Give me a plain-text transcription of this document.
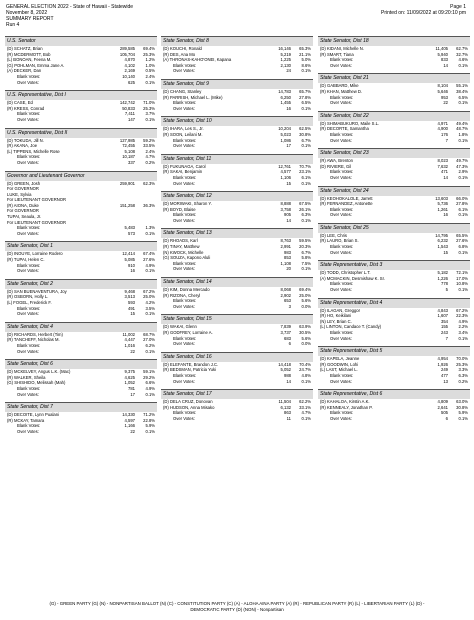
GENERAL ELECTION 2022 - State of Hawaii - Statewide
November 8, 2022
SUMMARY REPORT
Run 4
Page 1
Printed on: 11/09/2022 at 09:20:10 pm
U.S. Senator
(D) SCHATZ, Brian	289,585	69.4%
(R) MCDERMOTT, Bob	105,704	25.3%
(L) BONOAN, Feena M.	4,870	1.2%
(G) POHLMAN, Emma Jane A.	4,102	1.0%
(A) DECKER, Dan	2,169	0.5%
Blank Votes:	10,140	2.4%
Over Votes:	625	0.1%
U.S. Representative, Dist I
(D) CASE, Ed	142,742	71.0%
(R) KRESS, Conrad	50,833	25.3%
Blank Votes:	7,411	3.7%
Over Votes:	147	0.1%
U.S. Representative, Dist II
(D) TOKUDA, Jill N.	127,985	59.2%
(R) AKANA, Joe	72,455	33.5%
(L) TIPPENS, Michelle Rose	5,108	2.4%
Blank Votes:	10,187	4.7%
Over Votes:	337	0.2%
Governor and Lieutenant Governor
(D) GREEN, Josh	259,901	62.3%
For GOVERNOR
LUKE, Sylvia
For LIEUTENANT GOVERNOR
(R) AIONA, Duke	151,258	36.3%
For GOVERNOR
TUPAI, Seaula, Jr.
For LIEUTENANT GOVERNOR
Blank Votes:	5,483	1.3%
Over Votes:	573	0.1%
State Senator, Dist 1
(D) INOUYE, Lorraine Rodero	12,414	67.4%
(R) TUPAI, Helen C.	5,085	27.6%
Blank Votes:	910	4.9%
Over Votes:	16	0.1%
State Senator, Dist 2
(D) SAN BUENAVENTURA, Joy	9,468	67.2%
(R) OSBORN, Holly L.	3,513	25.0%
(L) FOGEL, Frederick F.	593	4.2%
Blank Votes:	491	3.5%
Over Votes:	15	0.1%
State Senator, Dist 4
(D) RICHARDS, Herbert (Tim)	11,002	68.7%
(R) TANCHEFF, Nicholas M.	4,447	27.0%
Blank Votes:	1,016	6.2%
Over Votes:	22	0.1%
State Senator, Dist 6
(D) MCKELVEY, Angus L.K. (Mac)	9,375	59.1%
(R) WALKER, Sheila	4,625	29.2%
(G) SHISHIDO, Melissah (Mah)	1,052	6.6%
Blank Votes:	781	4.9%
Over Votes:	17	0.1%
State Senator, Dist 7
(D) DECOITE, Lynn Pualani	14,330	71.2%
(R) MCKAY, Tamara	4,597	22.8%
Blank Votes:	1,166	5.9%
Over Votes:	22	0.1%
State Senator, Dist 8
(D) KOUCHI, Ronald	16,146	65.3%
(R) DES, Ana Mo	5,219	21.1%
(A) THRONAS-KAHO'ONEI, Kapana	1,225	5.0%
Blank Votes:	2,130	8.6%
Over Votes:	24	0.1%
State Senator, Dist 9
(D) CHANG, Stanley	14,783	65.7%
(R) PARRISH, Michael L. (Mike)	6,250	27.8%
Blank Votes:	1,455	6.5%
Over Votes:	16	0.1%
State Senator, Dist 10
(D) IHARA, Les S., Jr.	10,204	62.5%
(R) SOON, Leilani M.	5,023	30.8%
Blank Votes:	1,086	6.7%
Over Votes:	17	0.1%
State Senator, Dist 11
(D) FUKUNAGA, Carol	12,761	70.7%
(R) SAKAI, Benjamin	4,577	23.1%
Blank Votes:	1,106	6.1%
Over Votes:	15	0.1%
State Senator, Dist 12
(D) MORIWAKI, Sharon Y.	8,888	67.5%
(R) BOYD, Blaise	3,758	26.1%
Blank Votes:	905	6.3%
Over Votes:	14	0.1%
State Senator, Dist 13
(D) RHOADS, Karl	8,763	59.5%
(R) TINAY, Matthew	2,991	20.3%
(N) KWOCK, Michelle	983	6.7%
(G) SOUZA, Kapono Aluli	853	5.8%
Blank Votes:	1,108	7.5%
Over Votes:	20	0.1%
State Senator, Dist 14
(D) KIM, Donna Mercado	8,068	69.4%
(R) RIZONA, Cheryl	2,902	25.0%
Blank Votes:	653	5.6%
Over Votes:	3	0.0%
State Senator, Dist 15
(D) WAKAI, Glenn	7,839	63.9%
(R) GODFREY, Lorraine A.	3,737	30.5%
Blank Votes:	683	5.6%
Over Votes:	6	0.0%
State Senator, Dist 16
(D) ELEFANTE, Brandon J.C.	14,418	70.4%
(R) BEDSMAN, Patricia Yuki	5,052	24.7%
Blank Votes:	988	4.8%
Over Votes:	14	0.1%
State Senator, Dist 17
(D) DELA CRUZ, Donovan	11,504	62.2%
(R) HUDSON, Anna Misako	6,132	33.1%
Blank Votes:	863	4.7%
Over Votes:	11	0.1%
State Senator, Dist 18
(D) KIDANI, Michelle N.	11,405	62.7%
(R) SMART, Tiana	5,940	32.7%
Blank Votes:	833	4.6%
Over Votes:	14	0.1%
State Senator, Dist 21
(D) GABBARD, Mike	8,104	55.1%
(R) KHAN, Matthew D.	5,646	38.4%
Blank Votes:	953	6.5%
Over Votes:	22	0.1%
State Senator, Dist 22
(D) SHIMABUKURO, Maile S.L.	4,971	49.4%
(R) DECORTE, Samantha	4,900	48.7%
Blank Votes:	176	1.8%
Over Votes:	7	0.1%
State Senator, Dist 23
(R) AWA, Brenton	8,023	49.7%
(D) RIVIERE, Gil	7,632	47.3%
Blank Votes:	471	2.9%
Over Votes:	14	0.1%
State Senator, Dist 24
(D) KEOHOKALOLE, Jarrett	13,603	66.0%
(R) FERNANDEZ, Antonette	5,736	27.8%
Blank Votes:	1,261	6.1%
Over Votes:	16	0.1%
State Senator, Dist 25
(D) LEE, Chris	14,795	65.5%
(R) LAURO, Brian S.	6,232	27.6%
Blank Votes:	1,543	6.8%
Over Votes:	15	0.1%
State Representative, Dist 3
(D) TODD, Christopher L.T.	5,182	72.1%
(A) MCMACKIN, Desmishaw K. Sr.	1,226	17.0%
Blank Votes:	778	10.8%
Over Votes:	5	0.1%
State Representative, Dist 4
(D) ILAGAN, Greggor	4,843	67.2%
(R) HO, Keikilani	1,607	22.3%
(N) LEY, Brian C.	354	4.9%
(L) LINTON, Candace T. (Candy)	155	2.2%
Blank Votes:	243	3.4%
Over Votes:	7	0.1%
State Representative, Dist 5
(D) KAPELA, Jeanne	4,954	70.0%
(R) GOODWIN, Lohi	1,926	25.3%
(L) LAST, Michael L.	249	3.3%
Blank Votes:	477	6.3%
Over Votes:	13	0.2%
State Representative, Dist 6
(D) KAHALOA, Kirstin A.K.	4,809	63.0%
(R) KENNEALY, Jonathan P.	2,641	30.8%
Blank Votes:	505	5.9%
Over Votes:	6	0.1%
(G) - GREEN PARTY (G) (N) - NONPARTISAN BALLOT (N) (C) - CONSTITUTION PARTY (C) (A) - ALOHA AINA PARTY (A) (R) - REPUBLICAN PARTY (R) (L) - LIBERTARIAN PARTY (L) (D) -
DEMOCRATIC PARTY (D) (NON) - Nonpartisan
